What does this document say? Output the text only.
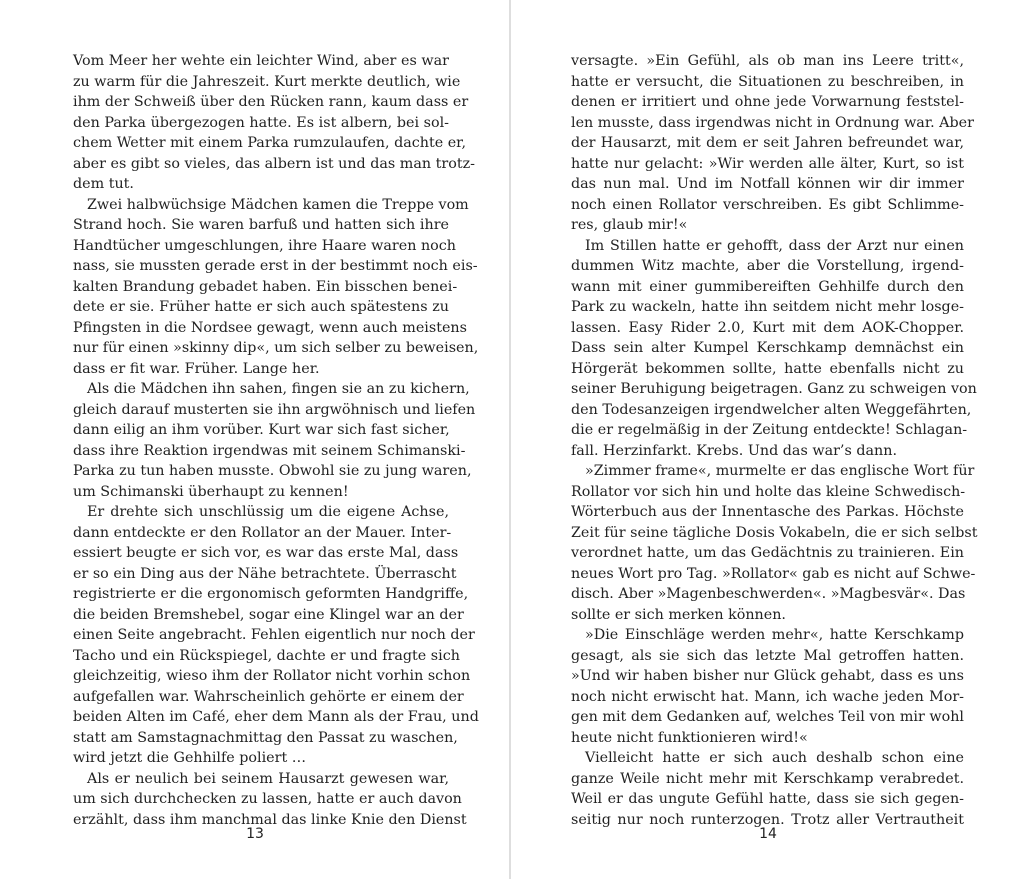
Vom Meer her wehte ein leichter Wind, aber es war
zu warm für die Jahreszeit. Kurt merkte deutlich, wie
ihm der Schweiß über den Rücken rann, kaum dass er
den Parka übergezogen hatte. Es ist albern, bei sol-
chem Wetter mit einem Parka rumzulaufen, dachte er,
aber es gibt so vieles, das albern ist und das man trotz-
dem tut.
Zwei halbwüchsige Mädchen kamen die Treppe vom
Strand hoch. Sie waren barfuß und hatten sich ihre
Handtücher umgeschlungen, ihre Haare waren noch
nass, sie mussten gerade erst in der bestimmt noch eis-
kalten Brandung gebadet haben. Ein bisschen benei-
dete er sie. Früher hatte er sich auch spätestens zu
Pfingsten in die Nordsee gewagt, wenn auch meistens
nur für einen »skinny dip«, um sich selber zu beweisen,
dass er fit war. Früher. Lange her.
Als die Mädchen ihn sahen, fingen sie an zu kichern,
gleich darauf musterten sie ihn argwöhnisch und liefen
dann eilig an ihm vorüber. Kurt war sich fast sicher,
dass ihre Reaktion irgendwas mit seinem Schimanski-
Parka zu tun haben musste. Obwohl sie zu jung waren,
um Schimanski überhaupt zu kennen!
Er drehte sich unschlüssig um die eigene Achse,
dann entdeckte er den Rollator an der Mauer. Inter-
essiert beugte er sich vor, es war das erste Mal, dass
er so ein Ding aus der Nähe betrachtete. Überrascht
registrierte er die ergonomisch geformten Handgriffe,
die beiden Bremshebel, sogar eine Klingel war an der
einen Seite angebracht. Fehlen eigentlich nur noch der
Tacho und ein Rückspiegel, dachte er und fragte sich
gleichzeitig, wieso ihm der Rollator nicht vorhin schon
aufgefallen war. Wahrscheinlich gehörte er einem der
beiden Alten im Café, eher dem Mann als der Frau, und
statt am Samstagnachmittag den Passat zu waschen,
wird jetzt die Gehhilfe poliert …
Als er neulich bei seinem Hausarzt gewesen war,
um sich durchchecken zu lassen, hatte er auch davon
erzählt, dass ihm manchmal das linke Knie den Dienst
13
versagte. »Ein Gefühl, als ob man ins Leere tritt«,
hatte er versucht, die Situationen zu beschreiben, in
denen er irritiert und ohne jede Vorwarnung feststel-
len musste, dass irgendwas nicht in Ordnung war. Aber
der Hausarzt, mit dem er seit Jahren befreundet war,
hatte nur gelacht: »Wir werden alle älter, Kurt, so ist
das nun mal. Und im Notfall können wir dir immer
noch einen Rollator verschreiben. Es gibt Schlimme-
res, glaub mir!«
Im Stillen hatte er gehofft, dass der Arzt nur einen
dummen Witz machte, aber die Vorstellung, irgend-
wann mit einer gummibereiften Gehhilfe durch den
Park zu wackeln, hatte ihn seitdem nicht mehr losge-
lassen. Easy Rider 2.0, Kurt mit dem AOK-Chopper.
Dass sein alter Kumpel Kerschkamp demnächst ein
Hörgerät bekommen sollte, hatte ebenfalls nicht zu
seiner Beruhigung beigetragen. Ganz zu schweigen von
den Todesanzeigen irgendwelcher alten Weggefährten,
die er regelmäßig in der Zeitung entdeckte! Schlagan-
fall. Herzinfarkt. Krebs. Und das war’s dann.
»Zimmer frame«, murmelte er das englische Wort für
Rollator vor sich hin und holte das kleine Schwedisch-
Wörterbuch aus der Innentasche des Parkas. Höchste
Zeit für seine tägliche Dosis Vokabeln, die er sich selbst
verordnet hatte, um das Gedächtnis zu trainieren. Ein
neues Wort pro Tag. »Rollator« gab es nicht auf Schwe-
disch. Aber »Magenbeschwerden«. »Magbesvär«. Das
sollte er sich merken können.
»Die Einschläge werden mehr«, hatte Kerschkamp
gesagt, als sie sich das letzte Mal getroffen hatten.
»Und wir haben bisher nur Glück gehabt, dass es uns
noch nicht erwischt hat. Mann, ich wache jeden Mor-
gen mit dem Gedanken auf, welches Teil von mir wohl
heute nicht funktionieren wird!«
Vielleicht hatte er sich auch deshalb schon eine
ganze Weile nicht mehr mit Kerschkamp verabredet.
Weil er das ungute Gefühl hatte, dass sie sich gegen-
seitig nur noch runterzogen. Trotz aller Vertrautheit
14
